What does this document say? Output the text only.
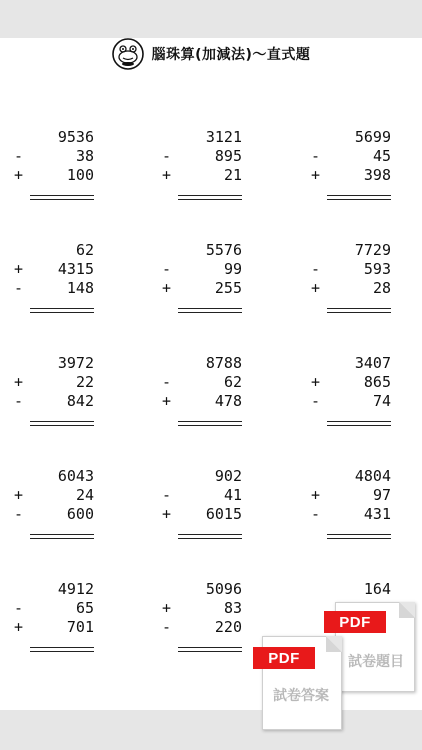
腦珠算(加減法)～直式題
9536
-	38
+	100
3121
-	895
+	21
5699
-	45
+	398
62
+	4315
-	148
5576
-	99
+	255
7729
-	593
+	28
3972
+	22
-	842
8788
-	62
+	478
3407
+	865
-	74
6043
+	24
-	600
902
-	41
+	6015
4804
+	97
-	431
4912
-	65
+	701
5096
+	83
-	220
164
PDF
試卷題目
PDF
試卷答案
